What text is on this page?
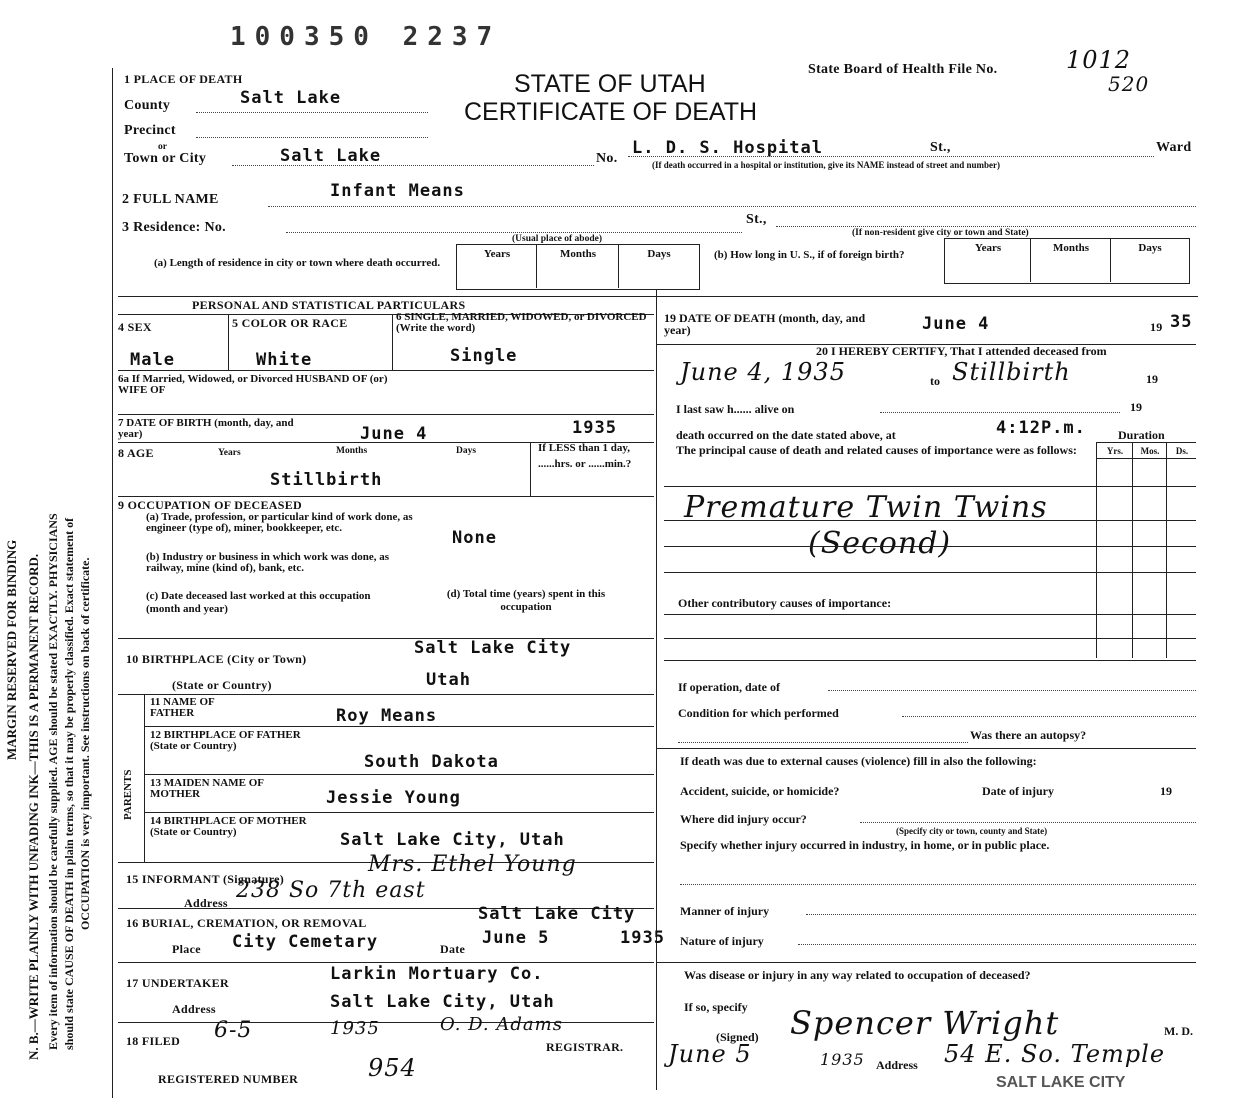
100350 2237
MARGIN RESERVED FOR BINDING N. B.—WRITE PLAINLY WITH UNFADING INK—THIS IS A PERMANENT RECORD. Every item of information should be carefully supplied. AGE should be stated EXACTLY. PHYSICIANS should state CAUSE OF DEATH in plain terms, so that it may be properly classified. Exact statement of OCCUPATION is very important. See instructions on back of certificate.
1 PLACE OF DEATH	STATE OF UTAH
CERTIFICATE OF DEATH
State Board of Health File No.	1012
520
County	Salt Lake
Precinct
or
Town or City	Salt Lake	No.
L. D. S. Hospital	St.,	Ward
(If death occurred in a hospital or institution, give its NAME instead of street and number)
2 FULL NAME	Infant Means
3 Residence: No.
St.,
(Usual place of abode)
(If non-resident give city or town and State)
(a) Length of residence in city or town where death occurred.
Years	Months	Days	(b) How long in U. S., if of foreign birth?
Years	Months	Days
PERSONAL AND STATISTICAL PARTICULARS
4 SEX	5 COLOR OR RACE	6 SINGLE, MARRIED, WIDOWED, or DIVORCED (Write the word)
Male	White	Single
6a If Married, Widowed, or Divorced HUSBAND OF (or) WIFE OF
7 DATE OF BIRTH (month, day, and year)	June 4	1935
8 AGE	Years	Months	Days	If LESS than 1 day, ......hrs. or ......min.?
Stillbirth
9 OCCUPATION OF DECEASED
(a) Trade, profession, or particular kind of work done, as engineer (type of), miner, bookkeeper, etc.	None
(b) Industry or business in which work was done, as railway, mine (kind of), bank, etc.
(c) Date deceased last worked at this occupation (month and year)
(d) Total time (years) spent in this occupation
10 BIRTHPLACE (City or Town)
Salt Lake City
(State or Country)	Utah
PARENTS
11 NAME OF FATHER	Roy Means
12 BIRTHPLACE OF FATHER (State or Country)
South Dakota
13 MAIDEN NAME OF MOTHER	Jessie Young
14 BIRTHPLACE OF MOTHER (State or Country)	Salt Lake City, Utah
15 INFORMANT (Signature)
Mrs. Ethel Young
Address 238 So 7th east
16 BURIAL, CREMATION, OR REMOVAL	Salt Lake City
Place City Cemetary	Date
June 5	1935
17 UNDERTAKER	Larkin Mortuary Co.
Address	Salt Lake City, Utah
18 FILED 6-5	1935	O. D. Adams
REGISTRAR.
REGISTERED NUMBER	954
19 DATE OF DEATH (month, day, and year)	June 4	19 35
20 I HEREBY CERTIFY, That I attended deceased from
June 4, 1935	to Stillbirth	19
I last saw h...... alive on	19
death occurred on the date stated above, at	4:12P.m.	Duration
The principal cause of death and related causes of importance were as follows:	Yrs.	Mos.	Ds.
Premature Twin Twins
(Second)
Other contributory causes of importance:
If operation, date of
Condition for which performed
Was there an autopsy?
If death was due to external causes (violence) fill in also the following:
Accident, suicide, or homicide?	Date of injury	19
Where did injury occur?
(Specify city or town, county and State)
Specify whether injury occurred in industry, in home, or in public place.
Manner of injury
Nature of injury
Was disease or injury in any way related to occupation of deceased?
If so, specify
(Signed) Spencer Wright	M. D.
June 5	1935 Address 54 E. So. Temple
SALT LAKE CITY
